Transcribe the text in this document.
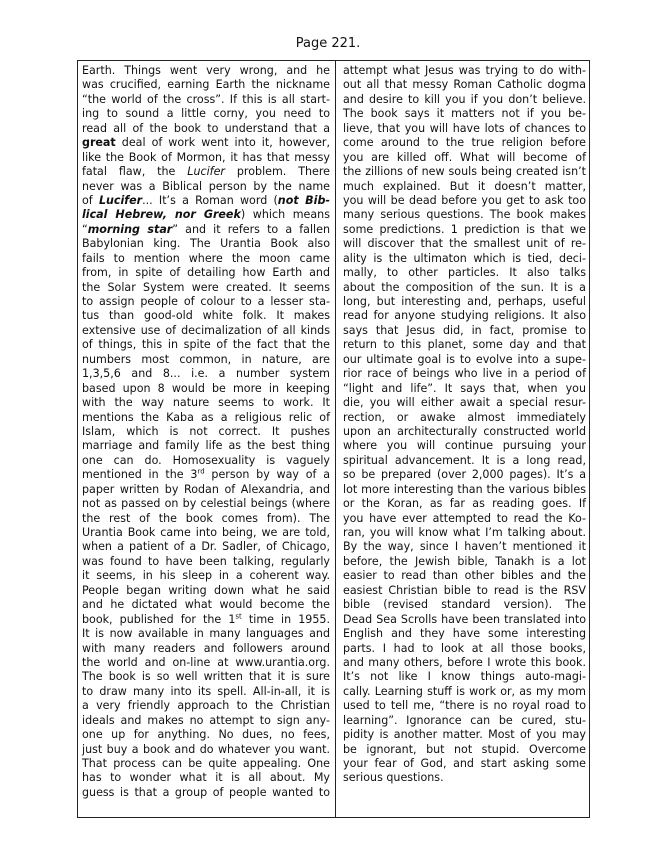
Page 221.
Earth. Things went very wrong, and he
was crucified, earning Earth the nickname
“the world of the cross”. If this is all start-
ing to sound a little corny, you need to
read all of the book to understand that a
great deal of work went into it, however,
like the Book of Mormon, it has that messy
fatal flaw, the Lucifer problem. There
never was a Biblical person by the name
of Lucifer... It’s a Roman word (not Bib-
lical Hebrew, nor Greek) which means
“morning star” and it refers to a fallen
Babylonian king. The Urantia Book also
fails to mention where the moon came
from, in spite of detailing how Earth and
the Solar System were created. It seems
to assign people of colour to a lesser sta-
tus than good-old white folk. It makes
extensive use of decimalization of all kinds
of things, this in spite of the fact that the
numbers most common, in nature, are
1,3,5,6 and 8... i.e. a number system
based upon 8 would be more in keeping
with the way nature seems to work. It
mentions the Kaba as a religious relic of
Islam, which is not correct. It pushes
marriage and family life as the best thing
one can do. Homosexuality is vaguely
mentioned in the 3rd person by way of a
paper written by Rodan of Alexandria, and
not as passed on by celestial beings (where
the rest of the book comes from). The
Urantia Book came into being, we are told,
when a patient of a Dr. Sadler, of Chicago,
was found to have been talking, regularly
it seems, in his sleep in a coherent way.
People began writing down what he said
and he dictated what would become the
book, published for the 1st time in 1955.
It is now available in many languages and
with many readers and followers around
the world and on-line at www.urantia.org.
The book is so well written that it is sure
to draw many into its spell. All-in-all, it is
a very friendly approach to the Christian
ideals and makes no attempt to sign any-
one up for anything. No dues, no fees,
just buy a book and do whatever you want.
That process can be quite appealing. One
has to wonder what it is all about. My
guess is that a group of people wanted to
attempt what Jesus was trying to do with-
out all that messy Roman Catholic dogma
and desire to kill you if you don’t believe.
The book says it matters not if you be-
lieve, that you will have lots of chances to
come around to the true religion before
you are killed off. What will become of
the zillions of new souls being created isn’t
much explained. But it doesn’t matter,
you will be dead before you get to ask too
many serious questions. The book makes
some predictions. 1 prediction is that we
will discover that the smallest unit of re-
ality is the ultimaton which is tied, deci-
mally, to other particles. It also talks
about the composition of the sun. It is a
long, but interesting and, perhaps, useful
read for anyone studying religions. It also
says that Jesus did, in fact, promise to
return to this planet, some day and that
our ultimate goal is to evolve into a supe-
rior race of beings who live in a period of
“light and life”. It says that, when you
die, you will either await a special resur-
rection, or awake almost immediately
upon an architecturally constructed world
where you will continue pursuing your
spiritual advancement. It is a long read,
so be prepared (over 2,000 pages). It’s a
lot more interesting than the various bibles
or the Koran, as far as reading goes. If
you have ever attempted to read the Ko-
ran, you will know what I’m talking about.
By the way, since I haven’t mentioned it
before, the Jewish bible, Tanakh is a lot
easier to read than other bibles and the
easiest Christian bible to read is the RSV
bible (revised standard version). The
Dead Sea Scrolls have been translated into
English and they have some interesting
parts. I had to look at all those books,
and many others, before I wrote this book.
It’s not like I know things auto-magi-
cally. Learning stuff is work or, as my mom
used to tell me, “there is no royal road to
learning”. Ignorance can be cured, stu-
pidity is another matter. Most of you may
be ignorant, but not stupid. Overcome
your fear of God, and start asking some
serious questions.
